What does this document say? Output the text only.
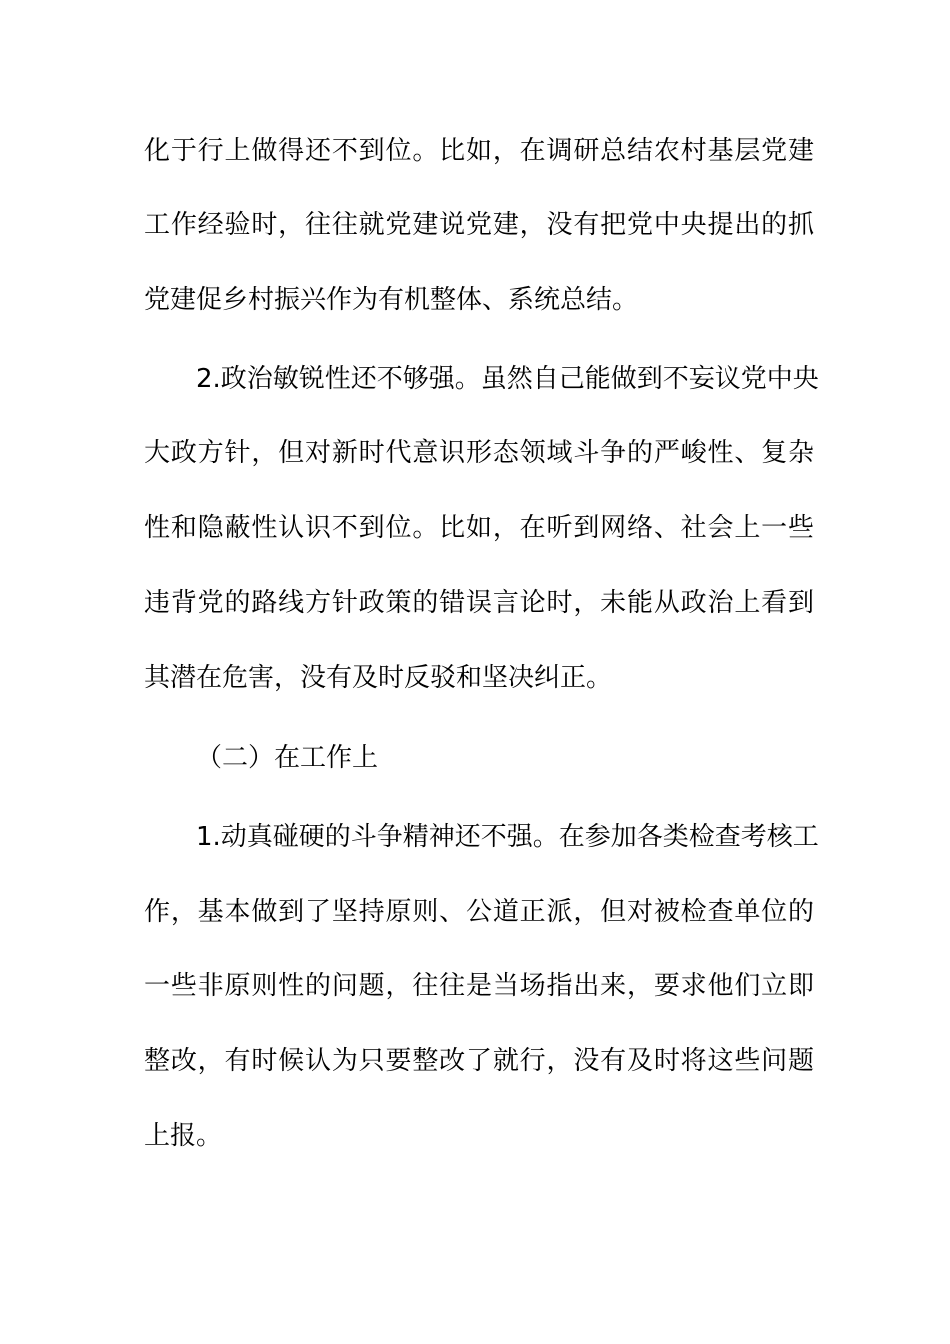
化于行上做得还不到位。比如，在调研总结农村基层党建
工作经验时，往往就党建说党建，没有把党中央提出的抓
党建促乡村振兴作为有机整体、系统总结。
2.政治敏锐性还不够强。虽然自己能做到不妄议党中央
大政方针，但对新时代意识形态领域斗争的严峻性、复杂
性和隐蔽性认识不到位。比如，在听到网络、社会上一些
违背党的路线方针政策的错误言论时，未能从政治上看到
其潜在危害，没有及时反驳和坚决纠正。
（二）在工作上
1.动真碰硬的斗争精神还不强。在参加各类检查考核工
作，基本做到了坚持原则、公道正派，但对被检查单位的
一些非原则性的问题，往往是当场指出来，要求他们立即
整改，有时候认为只要整改了就行，没有及时将这些问题
上报。
